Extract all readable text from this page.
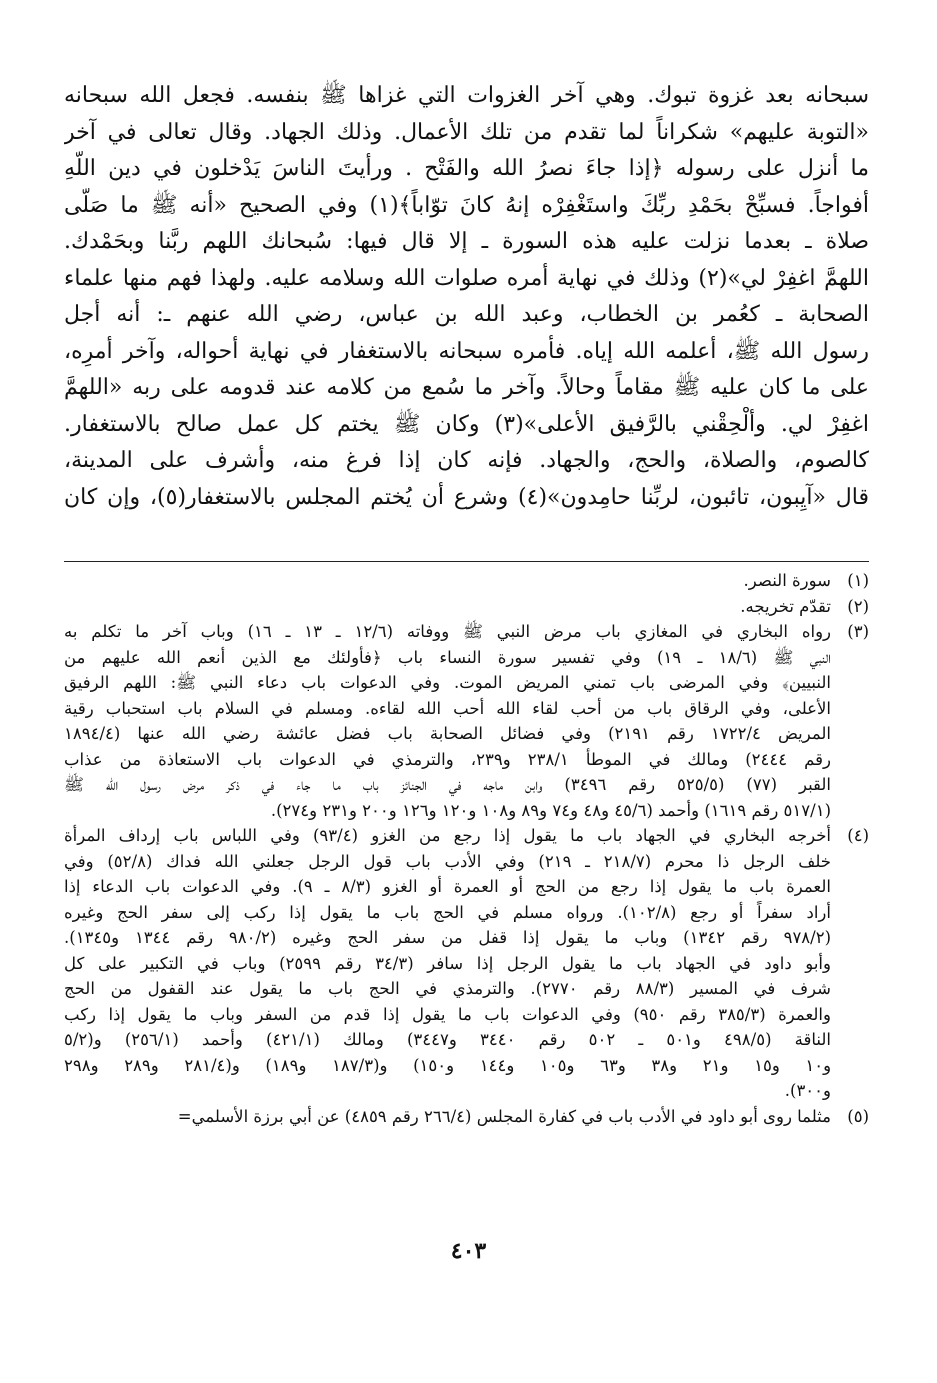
سبحانه بعد غزوة تبوك. وهي آخر الغزوات التي غزاها ﷺ بنفسه. فجعل الله سبحانه
«التوبة عليهم» شكراناً لما تقدم من تلك الأعمال. وذلك الجهاد. وقال تعالى في آخر
ما أنزل على رسوله ﴿إذا جاءَ نصرُ الله والفَتْح . ورأيتَ الناسَ يَدْخلون في دين اللّهِ
أفواجاً. فسبِّحْ بحَمْدِ ربِّكَ واستَغْفِرْه إنهُ كانَ توّاباً﴾(١) وفي الصحيح «أنه ﷺ ما صَلَّى
صلاة ـ بعدما نزلت عليه هذه السورة ـ إلا قال فيها: سُبحانك اللهم ربَّنا وبحَمْدك.
اللهمَّ اغفِرْ لي»(٢) وذلك في نهاية أمره صلوات الله وسلامه عليه. ولهذا فهم منها علماء
الصحابة ـ كعُمر بن الخطاب، وعبد الله بن عباس، رضي الله عنهم ـ: أنه أجل
رسول الله ﷺ، أعلمه الله إياه. فأمره سبحانه بالاستغفار في نهاية أحواله، وآخر أمرِه،
على ما كان عليه ﷺ مقاماً وحالاً. وآخر ما سُمع من كلامه عند قدومه على ربه «اللهمَّ
اغفِرْ لي. وألْحِقْني بالرَّفيق الأعلى»(٣) وكان ﷺ يختم كل عمل صالح بالاستغفار.
كالصوم، والصلاة، والحج، والجهاد. فإنه كان إذا فرغ منه، وأشرف على المدينة،
قال «آيِبون، تائبون، لربِّنا حامِدون»(٤) وشرع أن يُختم المجلس بالاستغفار(٥)، وإن كان
(١)سورة النصر.
(٢)تقدّم تخريجه.
(٣)رواه البخاري في المغازي باب مرض النبي ﷺ ووفاته (١٢/٦ ـ ١٣ ـ ١٦) وباب آخر ما تكلم به
النبي ﷺ (١٨/٦ ـ ١٩) وفي تفسير سورة النساء باب ﴿فأولئك مع الذين أنعم الله عليهم من
النبيين﴾ وفي المرضى باب تمني المريض الموت. وفي الدعوات باب دعاء النبي ﷺ: اللهم الرفيق
الأعلى، وفي الرقاق باب من أحب لقاء الله أحب الله لقاءه. ومسلم في السلام باب استحباب رقية
المريض ١٧٢٢/٤ رقم ٢١٩١) وفي فضائل الصحابة باب فضل عائشة رضي الله عنها (١٨٩٤/٤
رقم ٢٤٤٤) ومالك في الموطأ ٢٣٨/١ و٢٣٩، والترمذي في الدعوات باب الاستعاذة من عذاب
القبر (٧٧) (٥٢٥/٥ رقم ٣٤٩٦) وابن ماجه في الجنائز باب ما جاء في ذكر مرض رسول الله ﷺ
(٥١٧/١ رقم ١٦١٩) وأحمد (٤٥/٦ و٤٨ و٧٤ و٨٩ و١٠٨ و١٢٠ و١٢٦ و٢٠٠ و٢٣١ و٢٧٤).
(٤)أخرجه البخاري في الجهاد باب ما يقول إذا رجع من الغزو (٩٣/٤) وفي اللباس باب إرداف المرأة
خلف الرجل ذا محرم (٢١٨/٧ ـ ٢١٩) وفي الأدب باب قول الرجل جعلني الله فداك (٥٢/٨) وفي
العمرة باب ما يقول إذا رجع من الحج أو العمرة أو الغزو (٨/٣ ـ ٩). وفي الدعوات باب الدعاء إذا
أراد سفراً أو رجع (١٠٢/٨). ورواه مسلم في الحج باب ما يقول إذا ركب إلى سفر الحج وغيره
(٩٧٨/٢ رقم ١٣٤٢) وباب ما يقول إذا قفل من سفر الحج وغيره (٩٨٠/٢ رقم ١٣٤٤ و١٣٤٥).
وأبو داود في الجهاد باب ما يقول الرجل إذا سافر (٣٤/٣ رقم ٢٥٩٩) وباب في التكبير على كل
شرف في المسير (٨٨/٣ رقم ٢٧٧٠). والترمذي في الحج باب ما يقول عند القفول من الحج
والعمرة (٣٨٥/٣ رقم ٩٥٠) وفي الدعوات باب ما يقول إذا قدم من السفر وباب ما يقول إذا ركب
الناقة (٤٩٨/٥ و٥٠١ ـ ٥٠٢ رقم ٣٤٤٠ و٣٤٤٧) ومالك (٤٢١/١) وأحمد (٢٥٦/١) و(٥/٢
و١٠ و١٥ و٢١ و٣٨ و٦٣ و١٠٥ و١٤٤ و١٥٠) و(١٨٧/٣ و١٨٩) و(٢٨١/٤ و٢٨٩ و٢٩٨
و٣٠٠).
(٥)مثلما روى أبو داود في الأدب باب في كفارة المجلس (٢٦٦/٤ رقم ٤٨٥٩) عن أبي برزة الأسلمي=
٤٠٣
